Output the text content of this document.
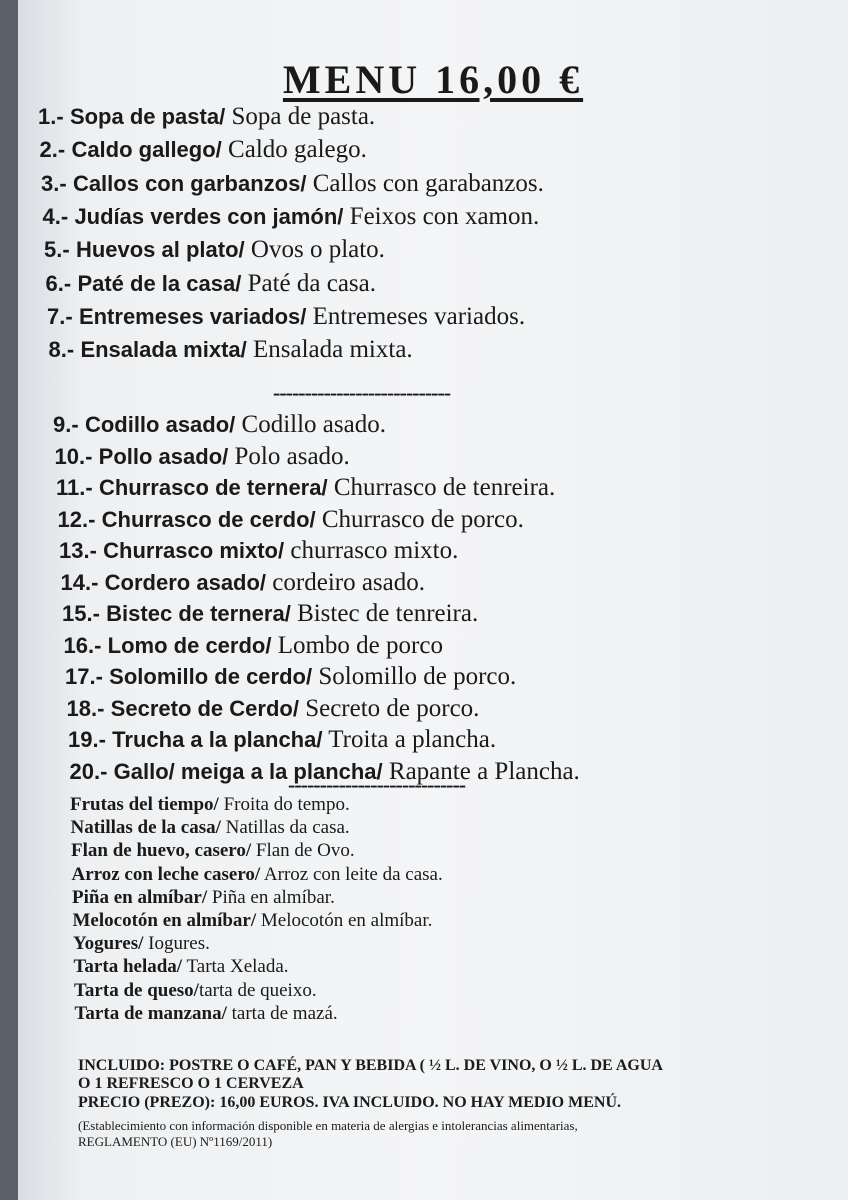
MENU 16,00 €
1.- Sopa de pasta/ Sopa de pasta.
2.- Caldo gallego/ Caldo galego.
3.- Callos con garbanzos/ Callos con garabanzos.
4.- Judías verdes con jamón/ Feixos con xamon.
5.- Huevos al plato/ Ovos o plato.
6.- Paté de la casa/ Paté da casa.
7.- Entremeses variados/ Entremeses variados.
8.- Ensalada mixta/ Ensalada mixta.
----------------------------
9.- Codillo asado/ Codillo asado.
10.- Pollo asado/ Polo asado.
11.- Churrasco de ternera/ Churrasco de tenreira.
12.- Churrasco de cerdo/ Churrasco de porco.
13.- Churrasco mixto/ churrasco mixto.
14.- Cordero asado/ cordeiro asado.
15.- Bistec de ternera/ Bistec de tenreira.
16.- Lomo de cerdo/ Lombo de porco
17.- Solomillo de cerdo/ Solomillo de porco.
18.- Secreto de Cerdo/ Secreto de porco.
19.- Trucha a la plancha/ Troita a plancha.
20.- Gallo/ meiga a la plancha/ Rapante a Plancha.
----------------------------
Frutas del tiempo/ Froita do tempo.
Natillas de la casa/ Natillas da casa.
Flan de huevo, casero/ Flan de Ovo.
Arroz con leche casero/ Arroz con leite da casa.
Piña en almíbar/ Piña en almíbar.
Melocotón en almíbar/ Melocotón en almíbar.
Yogures/ Iogures.
Tarta helada/ Tarta Xelada.
Tarta de queso/tarta de queixo.
Tarta de manzana/ tarta de mazá.
INCLUIDO: POSTRE O CAFÉ, PAN Y BEBIDA ( ½ L. DE VINO, O ½ L. DE AGUA
O 1 REFRESCO O 1 CERVEZA
PRECIO (PREZO): 16,00 EUROS. IVA INCLUIDO. NO HAY MEDIO MENÚ.
(Establecimiento con información disponible en materia de alergias e intolerancias alimentarias,
REGLAMENTO (EU) Nº1169/2011)
